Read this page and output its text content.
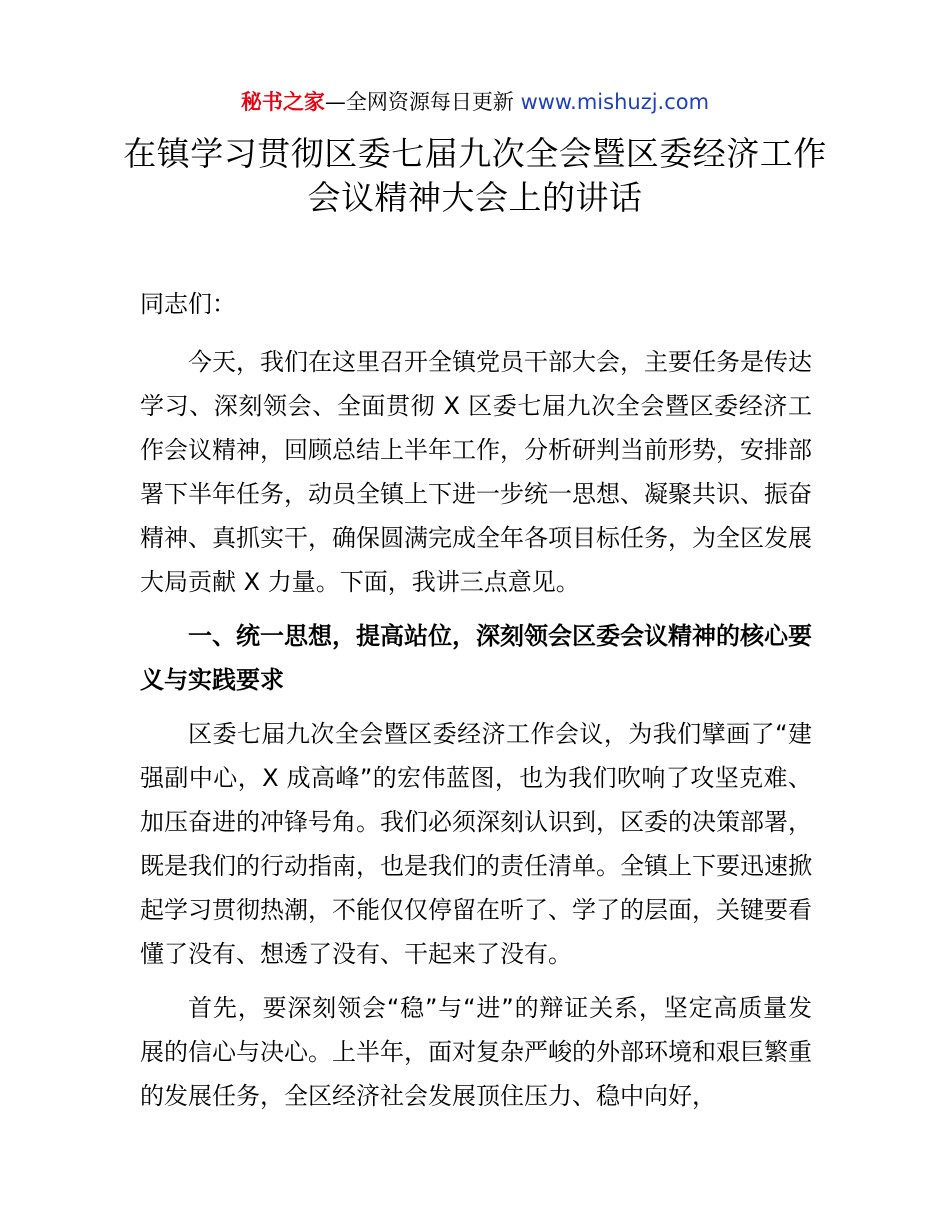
秘书之家—全网资源每日更新 www.mishuzj.com
在镇学习贯彻区委七届九次全会暨区委经济工作会议精神大会上的讲话

同志们：

今天，我们在这里召开全镇党员干部大会，主要任务是传达学习、深刻领会、全面贯彻 X 区委七届九次全会暨区委经济工作会议精神，回顾总结上半年工作，分析研判当前形势，安排部署下半年任务，动员全镇上下进一步统一思想、凝聚共识、振奋精神、真抓实干，确保圆满完成全年各项目标任务，为全区发展大局贡献 X 力量。下面，我讲三点意见。

一、统一思想，提高站位，深刻领会区委会议精神的核心要义与实践要求

区委七届九次全会暨区委经济工作会议，为我们擘画了“建强副中心，X 成高峰”的宏伟蓝图，也为我们吹响了攻坚克难、加压奋进的冲锋号角。我们必须深刻认识到，区委的决策部署，既是我们的行动指南，也是我们的责任清单。全镇上下要迅速掀起学习贯彻热潮，不能仅仅停留在听了、学了的层面，关键要看懂了没有、想透了没有、干起来了没有。

首先，要深刻领会“稳”与“进”的辩证关系，坚定高质量发展的信心与决心。上半年，面对复杂严峻的外部环境和艰巨繁重的发展任务，全区经济社会发展顶住压力、稳中向好，
